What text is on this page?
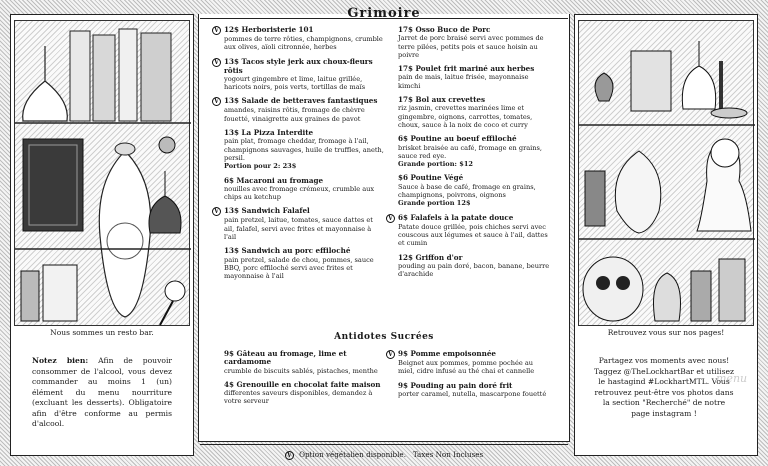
Nous sommes un resto bar.
Notez bien: Afin de pouvoir consommer de l'alcool, vous devez commander au moins 1 (un) élément du menu nourriture (excluant les desserts). Obligatoire afin d'être conforme au permis d'alcool.
Grimoire
V 12$ Herboristerie 101
pommes de terre rôties, champignons, crumble aux olives, aïoli citronnée, herbes
V 13$ Tacos style jerk aux choux-fleurs rôtis
yogourt gingembre et lime, laitue grillée, haricots noirs, pois verts, tortillas de maïs
V 13$ Salade de betteraves fantastiques
amandes, raisins rôtis, fromage de chèvre fouetté, vinaigrette aux graines de pavot
13$ La Pizza Interdite
pain plat, fromage cheddar, fromage à l'ail, champignons sauvages, huile de truffles, aneth, persil.
Portion pour 2: 23$
6$ Macaroni au fromage
nouilles avec fromage crémeux, crumble aux chips au ketchup
V 13$ Sandwich Falafel
pain pretzel, laitue, tomates, sauce dattes et ail, falafel, servi avec frites et mayonnaise à l'ail
13$ Sandwich au porc effiloché
pain pretzel, salade de chou, pommes, sauce BBQ, porc effiloché servi avec frites et mayonnaise à l'ail
17$ Osso Buco de Porc
Jarret de porc braisé servi avec pommes de terre pilées, petits pois et sauce hoisin au poivre
17$ Poulet frit mariné aux herbes
pain de mais, laitue frisée, mayonnaise kimchi
17$ Bol aux crevettes
riz jasmin, crevettes marinées lime et gingembre, oignons, carrottes, tomates, choux, sauce à la noix de coco et curry
6$ Poutine au boeuf effiloché
brisket braisée au café, fromage en grains, sauce red eye.
Grande portion: $12
$6 Poutine Végé
Sauce à base de café, fromage en grains, champignons, poivrons, oignons
Grande portion 12$
V 6$ Falafels à la patate douce
Patate douce grillée, pois chiches servi avec couscous aux légumes et sauce à l'ail, dattes et cumin
12$ Griffon d'or
pouding au pain doré, bacon, banane, beurre d'arachide
Antidotes Sucrées
9$ Gâteau au fromage, lime et cardamome
crumble de biscuits sablés, pistaches, menthe
4$ Grenouille en chocolat faite maison
differentes saveurs disponibles, demandez à votre serveur
V 9$ Pomme empoisonnée
Beignet aux pommes, pomme pochée au miel, cidre infusé au thé chai et cannelle
9$ Pouding au pain doré frit
porter caramel, nutella, mascarpone fouetté
V Option végétalien disponible.   Taxes Non Incluses
Retrouvez vous sur nos pages!
Partagez vos moments avec nous! Taggez @TheLockhartBar et utilisez le hastagind #LockhartMTL. Vous retrouvez peut-être vos photos dans la section "Recherché" de notre page instagram !
menu
